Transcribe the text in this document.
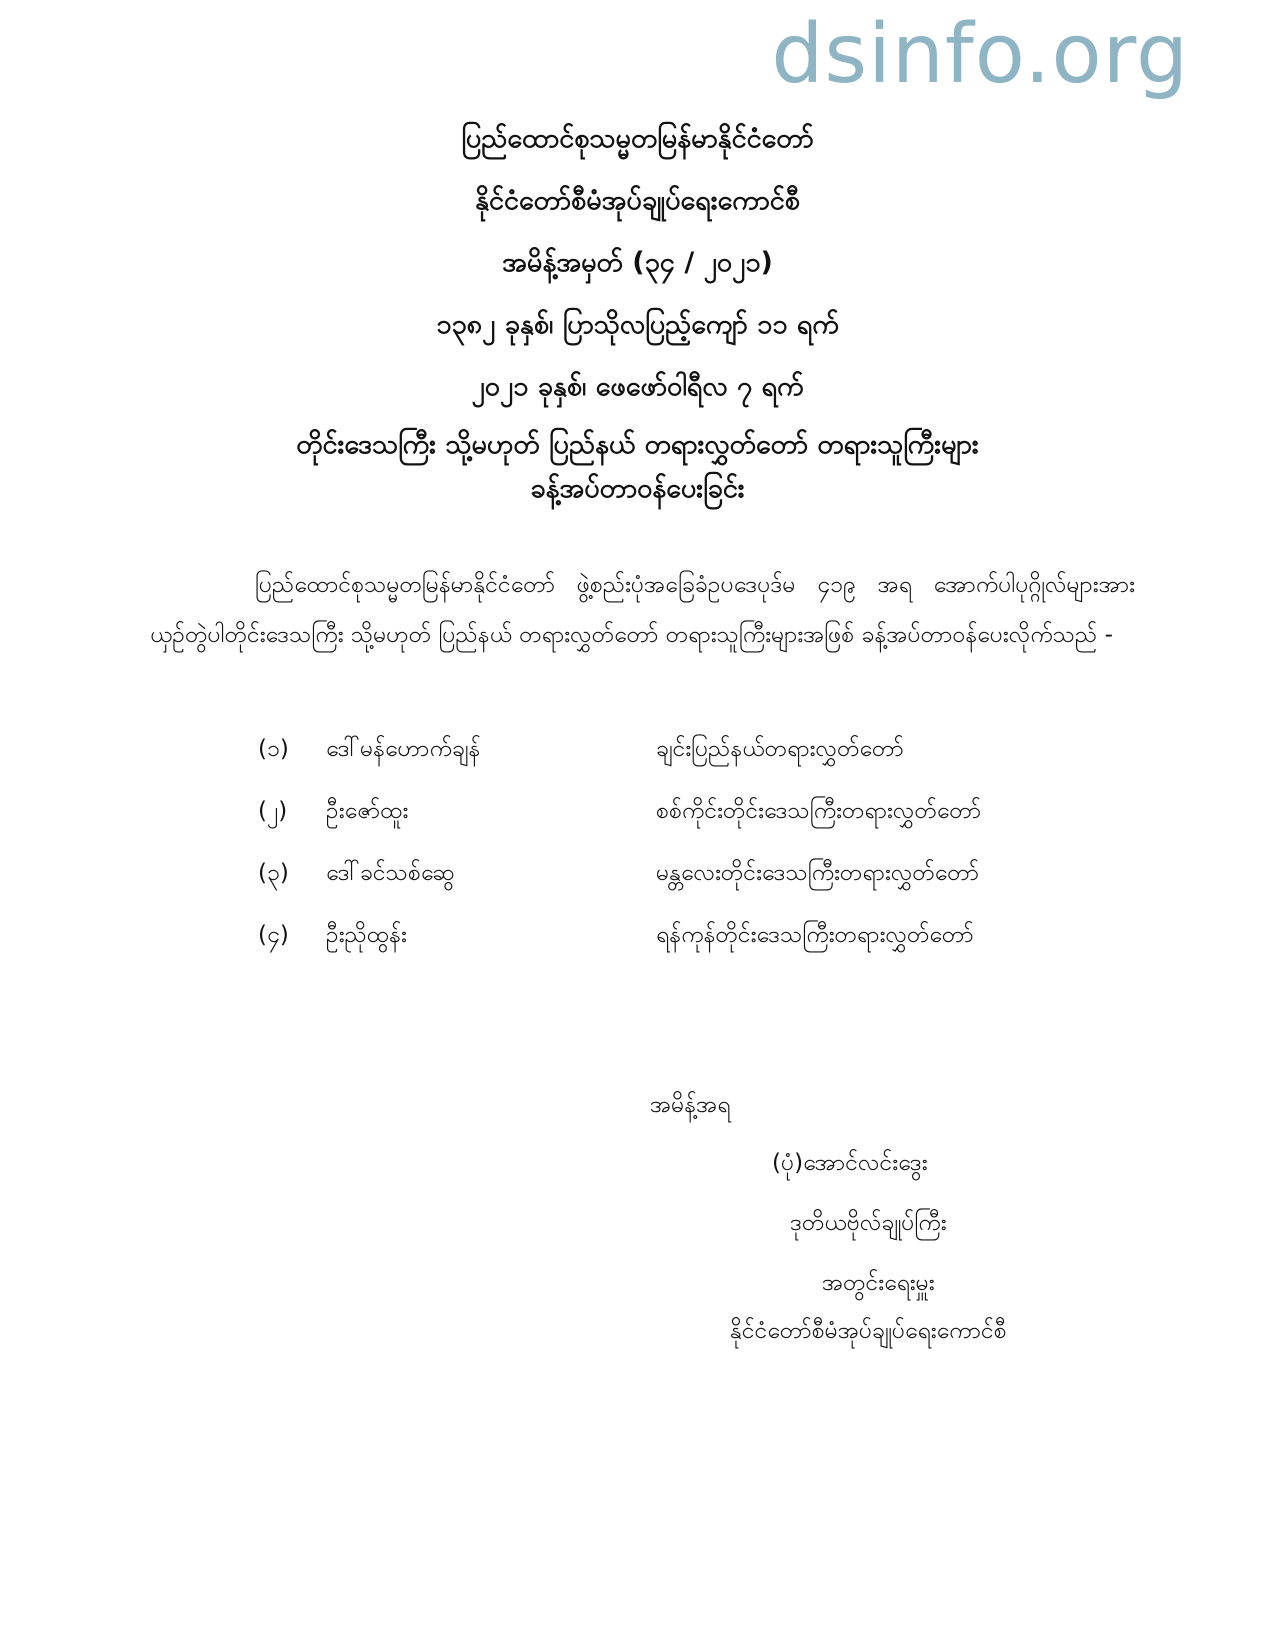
dsinfo.org
ပြည်ထောင်စုသမ္မတမြန်မာနိုင်ငံတော်
နိုင်ငံတော်စီမံအုပ်ချုပ်ရေးကောင်စီ
အမိန့်အမှတ် (၃၄ / ၂၀၂၁)
၁၃၈၂ ခုနှစ်၊ ပြာသိုလပြည့်ကျော် ၁၁ ရက်
၂၀၂၁ ခုနှစ်၊ ဖေဖော်ဝါရီလ ၇ ရက်
တိုင်းဒေသကြီး သို့မဟုတ် ပြည်နယ် တရားလွှတ်တော် တရားသူကြီးများ
ခန့်အပ်တာဝန်ပေးခြင်း
ပြည်ထောင်စုသမ္မတမြန်မာနိုင်ငံတော် ဖွဲ့စည်းပုံအခြေခံဥပဒေပုဒ်မ ၄၁၉ အရ အောက်ပါပုဂ္ဂိုလ်များအား ယှဉ်တွဲပါတိုင်းဒေသကြီး သို့မဟုတ် ပြည်နယ် တရားလွှတ်တော် တရားသူကြီးများအဖြစ် ခန့်အပ်တာဝန်ပေးလိုက်သည် -
(၁)	ဒေါ်မန်ဟောက်ချန်	ချင်းပြည်နယ်တရားလွှတ်တော်
(၂)	ဦးဇော်ထူး	စစ်ကိုင်းတိုင်းဒေသကြီးတရားလွှတ်တော်
(၃)	ဒေါ်ခင်သစ်ဆွေ	မန္တလေးတိုင်းဒေသကြီးတရားလွှတ်တော်
(၄)	ဦးညိုထွန်း	ရန်ကုန်တိုင်းဒေသကြီးတရားလွှတ်တော်
အမိန့်အရ
(ပုံ)အောင်လင်းဒွေး
ဒုတိယဗိုလ်ချုပ်ကြီး
အတွင်းရေးမှူး
နိုင်ငံတော်စီမံအုပ်ချုပ်ရေးကောင်စီ
